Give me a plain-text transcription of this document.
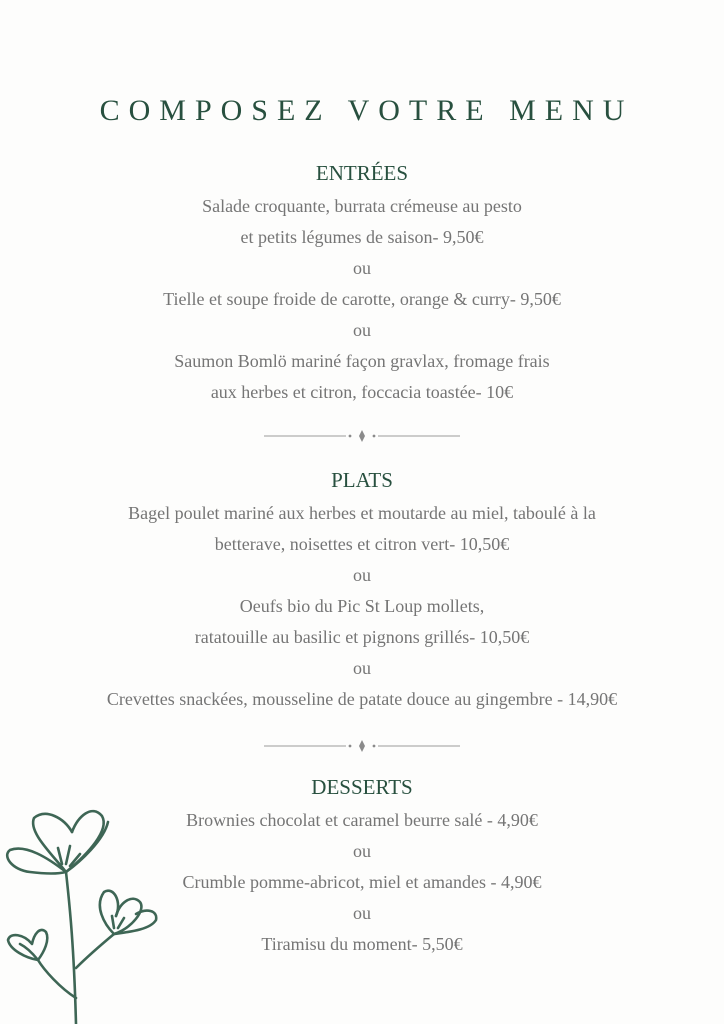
COMPOSEZ VOTRE MENU
ENTRÉES
Salade croquante, burrata crémeuse au pesto
et petits légumes de saison- 9,50€
ou
Tielle et soupe froide de carotte, orange & curry- 9,50€
ou
Saumon Bomlö mariné façon gravlax, fromage frais
aux herbes et citron, foccacia toastée- 10€
PLATS
Bagel poulet mariné aux herbes et moutarde au miel, taboulé à la
betterave, noisettes et citron vert- 10,50€
ou
Oeufs bio du Pic St Loup mollets,
ratatouille au basilic et pignons grillés- 10,50€
ou
Crevettes snackées, mousseline de patate douce au gingembre - 14,90€
DESSERTS
Brownies chocolat et caramel beurre salé - 4,90€
ou
Crumble pomme-abricot, miel et amandes - 4,90€
ou
Tiramisu du moment- 5,50€
